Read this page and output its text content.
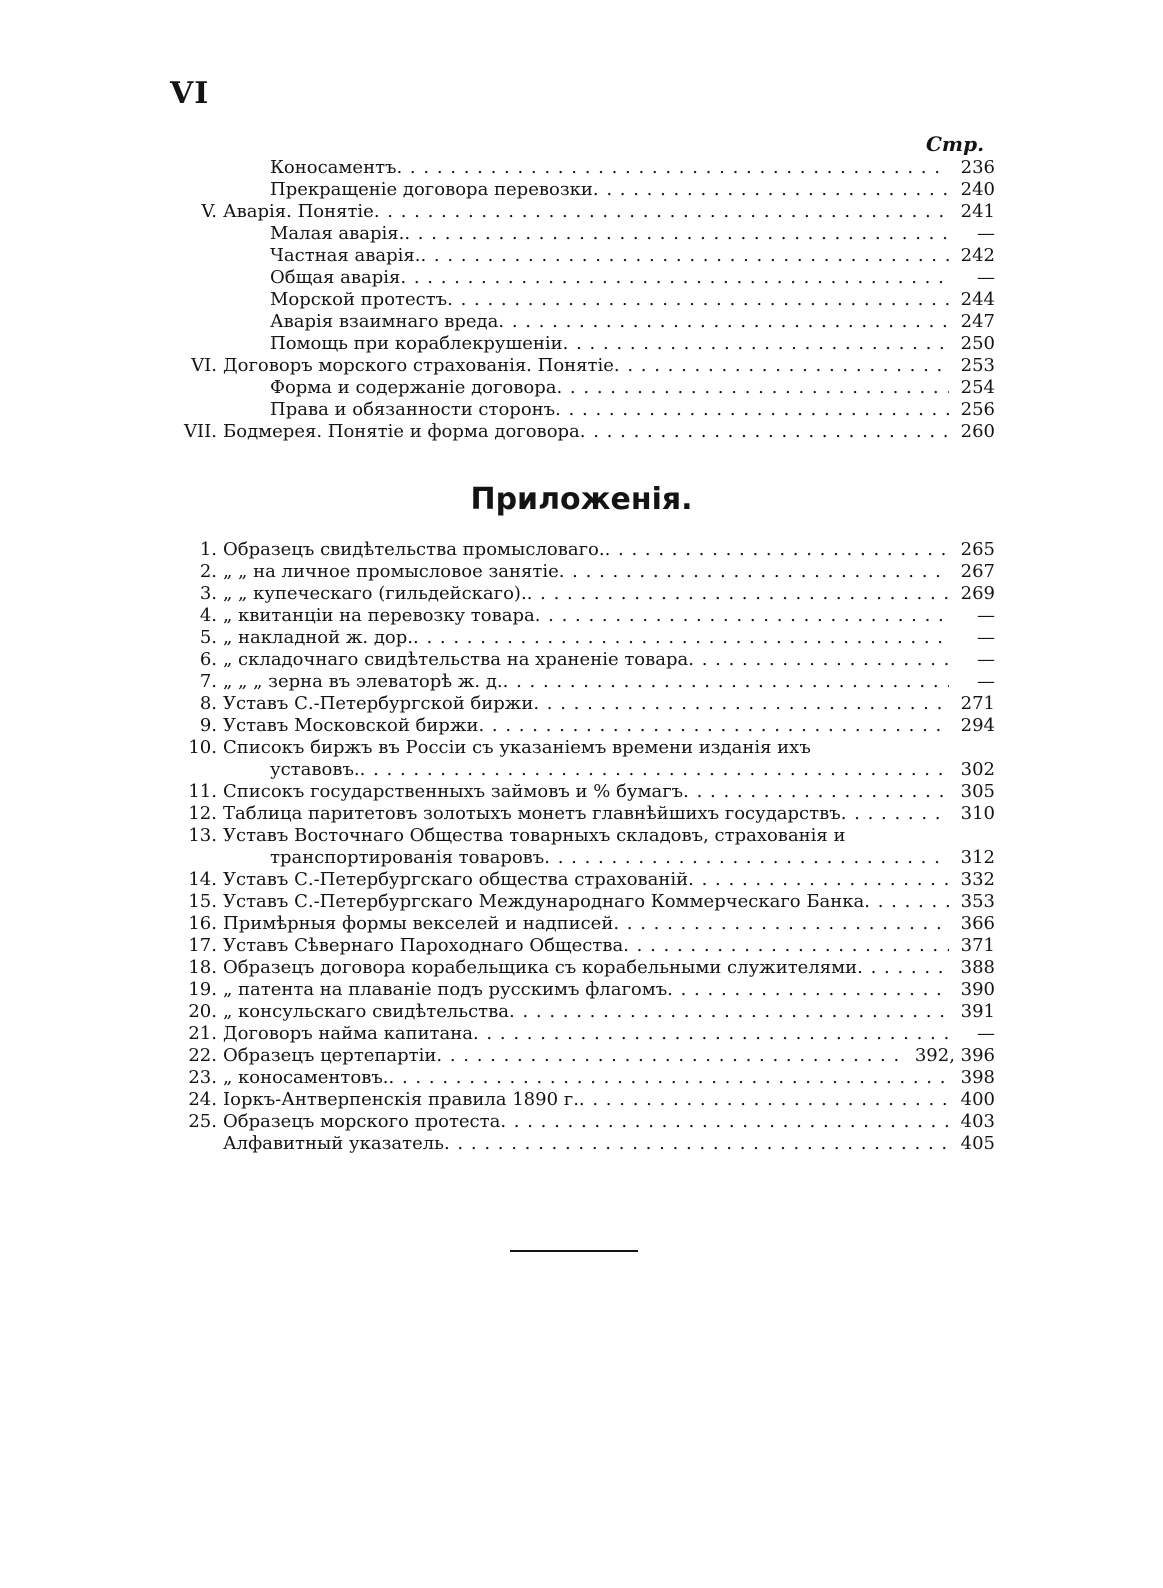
VI
Стр.
Коносаментъ . . .	236
Прекращеніе договора перевозки . . .	240
V. Аварія. Понятіе . . .	241
Малая аварія. . . .	—
Частная аварія. . . .	242
Общая аварія . . .	—
Морской протестъ . . .	244
Аварія взаимнаго вреда . . .	247
Помощь при кораблекрушеніи . . .	250
VI. Договоръ морского страхованія. Понятіе . . .	253
Форма и содержаніе договора . . .	254
Права и обязанности сторонъ . . .	256
VII. Бодмерея. Понятіе и форма договора . . .	260
Приложенія.
1. Образецъ свидѣтельства промысловаго. . . .	265
2. „ „ на личное промысловое занятіе . . .	267
3. „ „ купеческаго (гильдейскаго). . . .	269
4. „ квитанціи на перевозку товара . . .	—
5. „ накладной ж. дор. . . .	—
6. „ складочнаго свидѣтельства на храненіе товара . . .	—
7. „ „ „ зерна въ элеваторѣ ж. д. . . .	—
8. Уставъ С.-Петербургской биржи . . .	271
9. Уставъ Московской биржи . . .	294
10. Списокъ биржъ въ Россіи съ указаніемъ времени изданія ихъ
уставовъ. . . .	302
11. Списокъ государственныхъ займовъ и % бумагъ . . .	305
12. Таблица паритетовъ золотыхъ монетъ главнѣйшихъ государствъ . . .	310
13. Уставъ Восточнаго Общества товарныхъ складовъ, страхованія и
транспортированія товаровъ . . .	312
14. Уставъ С.-Петербургскаго общества страхованій . . .	332
15. Уставъ С.-Петербургскаго Международнаго Коммерческаго Банка . . .	353
16. Примѣрныя формы векселей и надписей . . .	366
17. Уставъ Сѣвернаго Пароходнаго Общества . . .	371
18. Образецъ договора корабельщика съ корабельными служителями . . .	388
19. „ патента на плаваніе подъ русскимъ флагомъ . . .	390
20. „ консульскаго свидѣтельства . . .	391
21. Договоръ найма капитана . . .	—
22. Образецъ цертепартіи . . .	392, 396
23. „ коносаментовъ. . . .	398
24. Іоркъ-Антверпенскія правила 1890 г. . . .	400
25. Образецъ морского протеста . . .	403
Алфавитный указатель . . .	405
